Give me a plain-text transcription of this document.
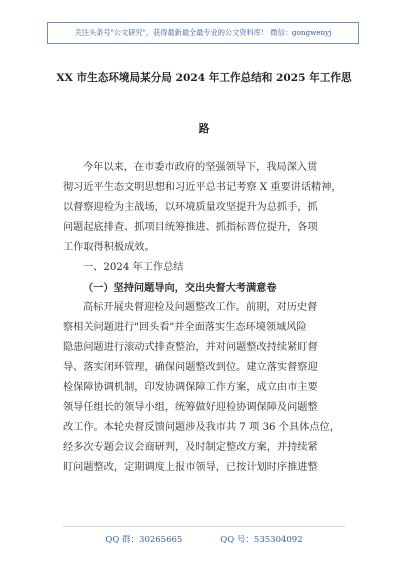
关注头条号"公文研究"，获得最新最全最专业的公文资料库！ 微信：gongwenyj
XX 市生态环境局某分局 2024 年工作总结和 2025 年工作思
路
今年以来，在市委市政府的坚强领导下，我局深入贯
彻习近平生态文明思想和习近平总书记考察 X 重要讲话精神，
以督察迎检为主战场，以环境质量攻坚提升为总抓手，抓
问题起底排查、抓项目统筹推进、抓指标晋位提升，各项
工作取得积极成效。
一、2024 年工作总结
（一）坚持问题导向，交出央督大考满意卷
高标开展央督迎检及问题整改工作。前期，对历史督
察相关问题进行"回头看"并全面落实生态环境领域风险
隐患问题进行滚动式排查整治，并对问题整改持续紧盯督
导、落实闭环管理，确保问题整改到位。建立落实督察迎
检保障协调机制，印发协调保障工作方案，成立由市主要
领导任组长的领导小组，统筹做好迎检协调保障及问题整
改工作。本轮央督反馈问题涉及我市共 7 项 36 个具体点位，
经多次专题会议会商研判，及时制定整改方案，并持续紧
盯问题整改，定期调度上报市领导，已按计划时序推进整
QQ 群：30265665	QQ 号：535304092
